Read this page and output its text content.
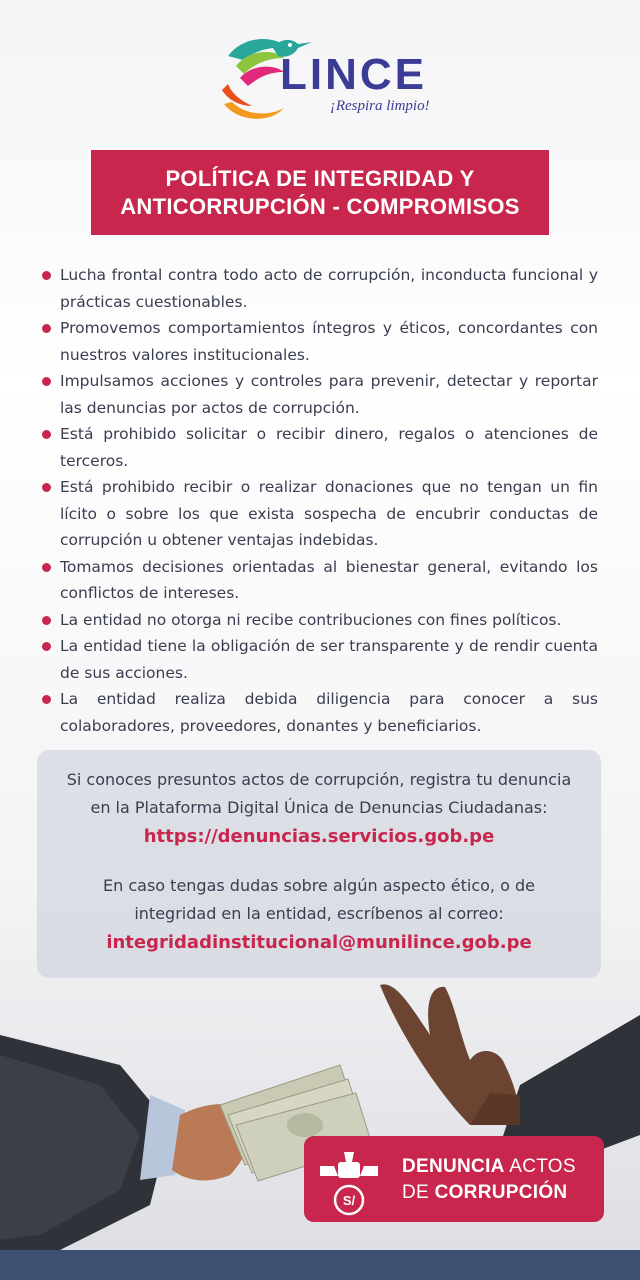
LINCE
¡Respira limpio!
POLÍTICA DE INTEGRIDAD Y
ANTICORRUPCIÓN - COMPROMISOS
Lucha frontal contra todo acto de corrupción, inconducta funcional y prácticas cuestionables.
Promovemos comportamientos íntegros y éticos, concordantes con nuestros valores institucionales.
Impulsamos acciones y controles para prevenir, detectar y reportar las denuncias por actos de corrupción.
Está prohibido solicitar o recibir dinero, regalos o atenciones de terceros.
Está prohibido recibir o realizar donaciones que no tengan un fin lícito o sobre los que exista sospecha de encubrir conductas de corrupción u obtener ventajas indebidas.
Tomamos decisiones orientadas al bienestar general, evitando los conflictos de intereses.
La entidad no otorga ni recibe contribuciones con fines políticos.
La entidad tiene la obligación de ser transparente y de rendir cuenta de sus acciones.
La entidad realiza debida diligencia para conocer a sus colaboradores, proveedores, donantes y beneficiarios.

Si conoces presuntos actos de corrupción, registra tu denuncia

en la Plataforma Digital Única de Denuncias Ciudadanas:

https://denuncias.servicios.gob.pe

En caso tengas dudas sobre algún aspecto ético, o de

integridad en la entidad, escríbenos al correo:

integridadinstitucional@munilince.gob.pe

S/
DENUNCIA ACTOS
DE CORRUPCIÓN
